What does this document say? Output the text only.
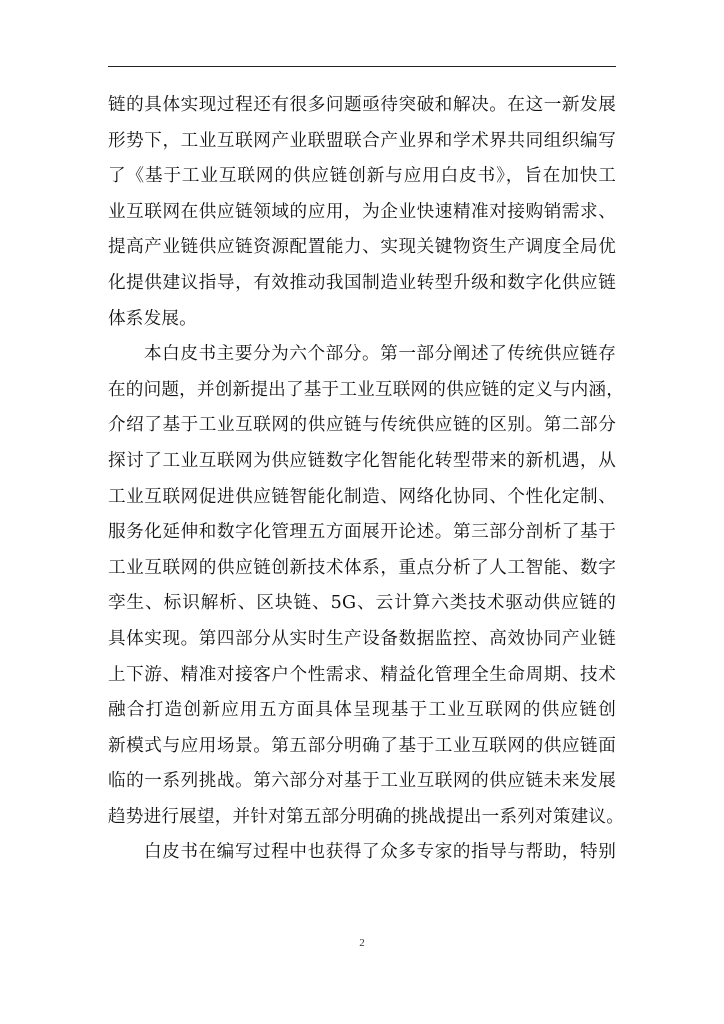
链的具体实现过程还有很多问题亟待突破和解决。在这一新发展
形势下，工业互联网产业联盟联合产业界和学术界共同组织编写
了《基于工业互联网的供应链创新与应用白皮书》，旨在加快工
业互联网在供应链领域的应用，为企业快速精准对接购销需求、
提高产业链供应链资源配置能力、实现关键物资生产调度全局优
化提供建议指导，有效推动我国制造业转型升级和数字化供应链
体系发展。
本白皮书主要分为六个部分。第一部分阐述了传统供应链存
在的问题，并创新提出了基于工业互联网的供应链的定义与内涵，
介绍了基于工业互联网的供应链与传统供应链的区别。第二部分
探讨了工业互联网为供应链数字化智能化转型带来的新机遇，从
工业互联网促进供应链智能化制造、网络化协同、个性化定制、
服务化延伸和数字化管理五方面展开论述。第三部分剖析了基于
工业互联网的供应链创新技术体系，重点分析了人工智能、数字
孪生、标识解析、区块链、5G、云计算六类技术驱动供应链的
具体实现。第四部分从实时生产设备数据监控、高效协同产业链
上下游、精准对接客户个性需求、精益化管理全生命周期、技术
融合打造创新应用五方面具体呈现基于工业互联网的供应链创
新模式与应用场景。第五部分明确了基于工业互联网的供应链面
临的一系列挑战。第六部分对基于工业互联网的供应链未来发展
趋势进行展望，并针对第五部分明确的挑战提出一系列对策建议。
白皮书在编写过程中也获得了众多专家的指导与帮助，特别
2
